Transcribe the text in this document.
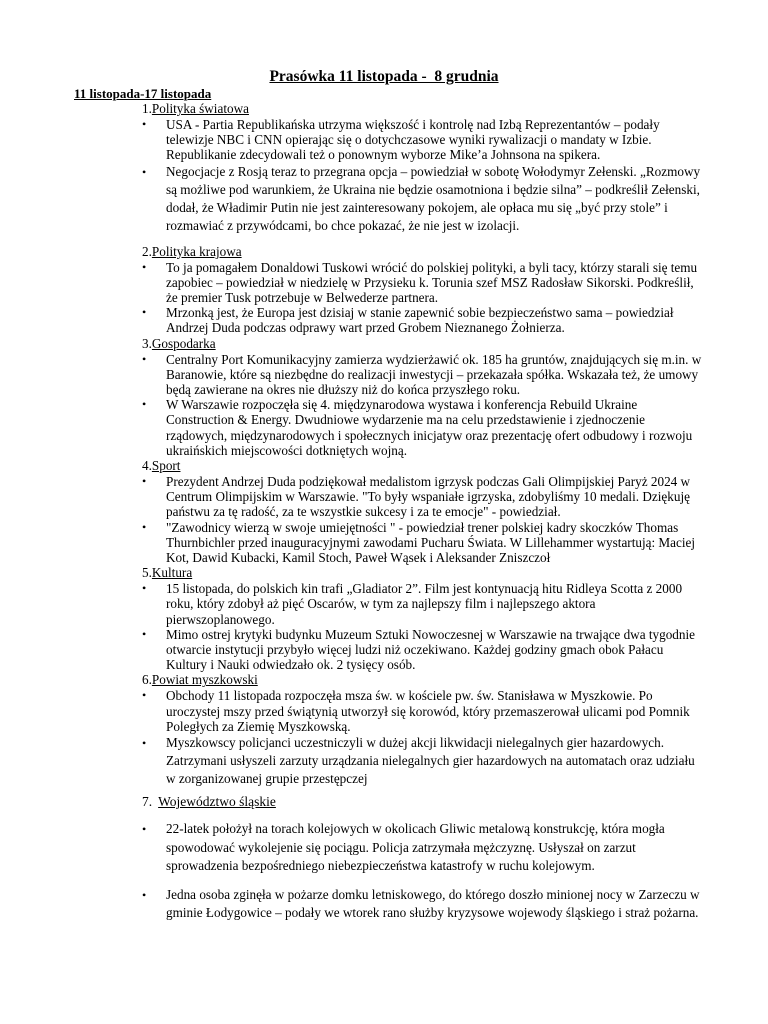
Prasówka 11 listopada -  8 grudnia
11 listopada-17 listopada
1.Polityka światowa
• USA - Partia Republikańska utrzyma większość i kontrolę nad Izbą Reprezentantów – podały telewizje NBC i CNN opierając się o dotychczasowe wyniki rywalizacji o mandaty w Izbie. Republikanie zdecydowali też o ponownym wyborze Mike’a Johnsona na spikera.
• Negocjacje z Rosją teraz to przegrana opcja – powiedział w sobotę Wołodymyr Zełenski. „Rozmowy są możliwe pod warunkiem, że Ukraina nie będzie osamotniona i będzie silna” – podkreślił Zełenski, dodał, że Władimir Putin nie jest zainteresowany pokojem, ale opłaca mu się „być przy stole” i rozmawiać z przywódcami, bo chce pokazać, że nie jest w izolacji.
2.Polityka krajowa
• To ja pomagałem Donaldowi Tuskowi wrócić do polskiej polityki, a byli tacy, którzy starali się temu zapobiec – powiedział w niedzielę w Przysieku k. Torunia szef MSZ Radosław Sikorski. Podkreślił, że premier Tusk potrzebuje w Belwederze partnera.
• Mrzonką jest, że Europa jest dzisiaj w stanie zapewnić sobie bezpieczeństwo sama – powiedział Andrzej Duda podczas odprawy wart przed Grobem Nieznanego Żołnierza.
3.Gospodarka
• Centralny Port Komunikacyjny zamierza wydzierżawić ok. 185 ha gruntów, znajdujących się m.in. w Baranowie, które są niezbędne do realizacji inwestycji – przekazała spółka. Wskazała też, że umowy będą zawierane na okres nie dłuższy niż do końca przyszłego roku.
• W Warszawie rozpoczęła się 4. międzynarodowa wystawa i konferencja Rebuild Ukraine Construction & Energy. Dwudniowe wydarzenie ma na celu przedstawienie i zjednoczenie rządowych, międzynarodowych i społecznych inicjatyw oraz prezentację ofert odbudowy i rozwoju ukraińskich miejscowości dotkniętych wojną.
4.Sport
• Prezydent Andrzej Duda podziękował medalistom igrzysk podczas Gali Olimpijskiej Paryż 2024 w Centrum Olimpijskim w Warszawie. "To były wspaniałe igrzyska, zdobyliśmy 10 medali. Dziękuję państwu za tę radość, za te wszystkie sukcesy i za te emocje" - powiedział.
• "Zawodnicy wierzą w swoje umiejętności " - powiedział trener polskiej kadry skoczków Thomas Thurnbichler przed inauguracyjnymi zawodami Pucharu Świata. W Lillehammer wystartują: Maciej Kot, Dawid Kubacki, Kamil Stoch, Paweł Wąsek i Aleksander Zniszczoł
5.Kultura
• 15 listopada, do polskich kin trafi „Gladiator 2”. Film jest kontynuacją hitu Ridleya Scotta z 2000 roku, który zdobył aż pięć Oscarów, w tym za najlepszy film i najlepszego aktora pierwszoplanowego.
• Mimo ostrej krytyki budynku Muzeum Sztuki Nowoczesnej w Warszawie na trwające dwa tygodnie otwarcie instytucji przybyło więcej ludzi niż oczekiwano. Każdej godziny gmach obok Pałacu Kultury i Nauki odwiedzało ok. 2 tysięcy osób.
6.Powiat myszkowski
• Obchody 11 listopada rozpoczęła msza św. w kościele pw. św. Stanisława w Myszkowie. Po uroczystej mszy przed świątynią utworzył się korowód, który przemaszerował ulicami pod Pomnik Poległych za Ziemię Myszkowską.
• Myszkowscy policjanci uczestniczyli w dużej akcji likwidacji nielegalnych gier hazardowych. Zatrzymani usłyszeli zarzuty urządzania nielegalnych gier hazardowych na automatach oraz udziału w zorganizowanej grupie przestępczej
7. Województwo śląskie
• 22-latek położył na torach kolejowych w okolicach Gliwic metalową konstrukcję, która mogła spowodować wykolejenie się pociągu. Policja zatrzymała mężczyznę. Usłyszał on zarzut sprowadzenia bezpośredniego niebezpieczeństwa katastrofy w ruchu kolejowym.
• Jedna osoba zginęła w pożarze domku letniskowego, do którego doszło minionej nocy w Zarzeczu w gminie Łodygowice – podały we wtorek rano służby kryzysowe wojewody śląskiego i straż pożarna.
